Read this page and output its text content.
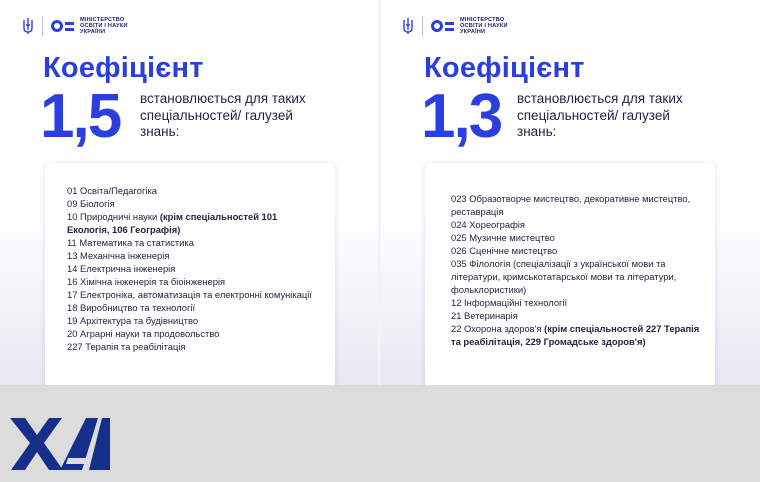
МІНІСТЕРСТВО
ОСВІТИ І НАУКИ
УКРАЇНИ
Коефіцієнт
1,5 встановлюється для таких спеціальностей/ галузей знань:
01 Освіта/Педагогіка
09 Біологія
10 Природничі науки (крім спеціальностей 101 Екологія, 106 Географія)
11 Математика та статистика
13 Механічна інженерія
14 Електрична інженерія
16 Хімічна інженерія та біоінженерія
17 Електроніка, автоматизація та електронні комунікації
18 Виробництво та технології
19 Архітектура та будівництво
20 Аграрні науки та продовольство
227 Терапія та реабілітація
МІНІСТЕРСТВО
ОСВІТИ І НАУКИ
УКРАЇНИ
Коефіцієнт
1,3 встановлюється для таких спеціальностей/ галузей знань:
023 Образотворче мистецтво, декоративне мистецтво, реставрація
024 Хореографія
025 Музичне мистецтво
026 Сценічне мистецтво
035 Філологія (спеціалізації з української мови та літератури, кримськотатарської мови та літератури, фольклористики)
12 Інформаційні технології
21 Ветеринарія
22 Охорона здоров'я (крім спеціальностей 227 Терапія та реабілітація, 229 Громадське здоров'я)
